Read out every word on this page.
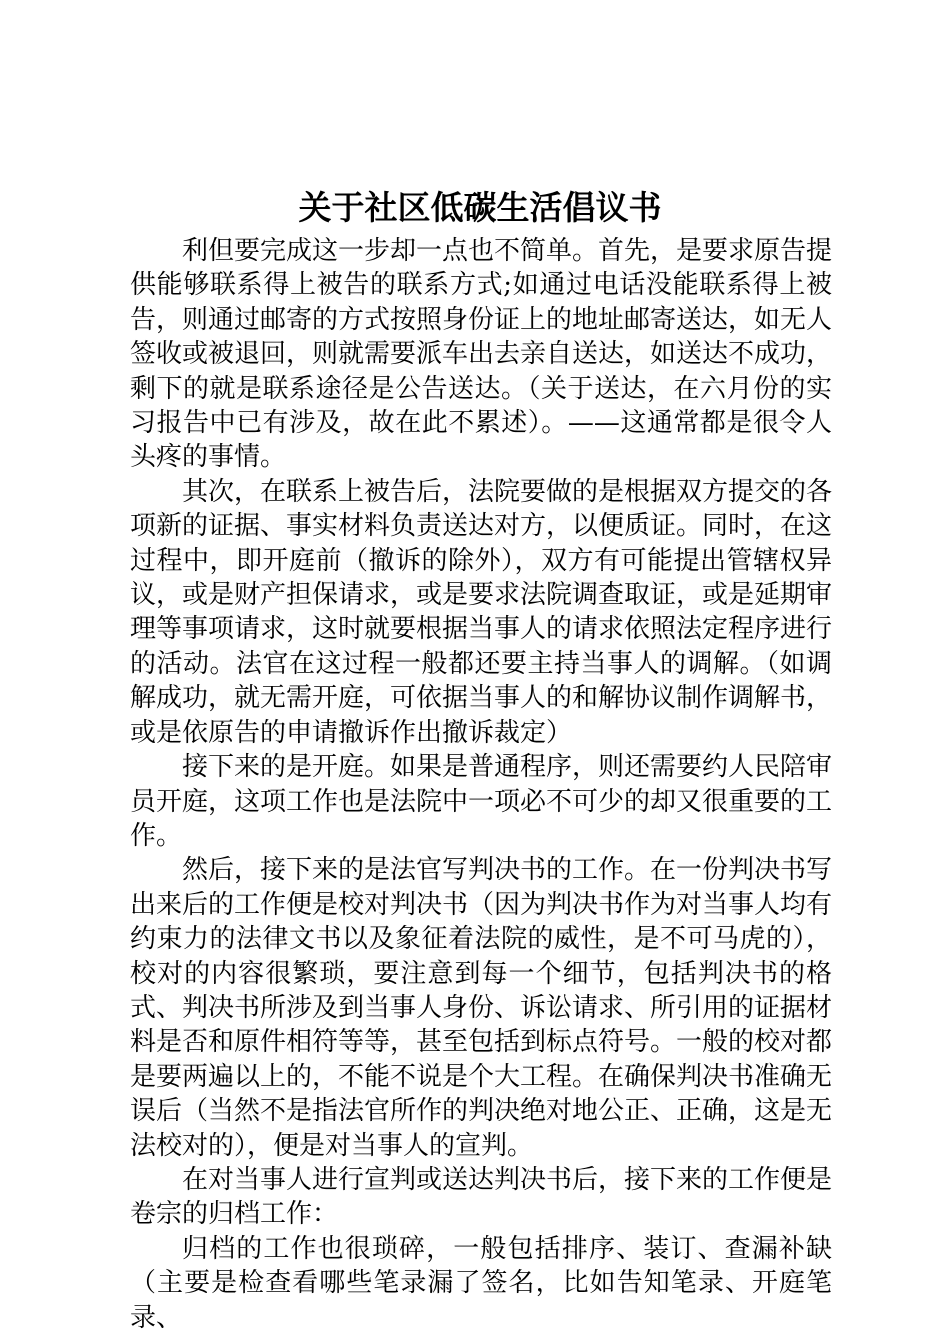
关于社区低碳生活倡议书

利但要完成这一步却一点也不简单。首先，是要求原告提供能够联系得上被告的联系方式;如通过电话没能联系得上被告，则通过邮寄的方式按照身份证上的地址邮寄送达，如无人签收或被退回，则就需要派车出去亲自送达，如送达不成功，剩下的就是联系途径是公告送达。（关于送达，在六月份的实习报告中已有涉及，故在此不累述）。——这通常都是很令人头疼的事情。

其次，在联系上被告后，法院要做的是根据双方提交的各项新的证据、事实材料负责送达对方，以便质证。同时，在这过程中，即开庭前（撤诉的除外），双方有可能提出管辖权异议，或是财产担保请求，或是要求法院调查取证，或是延期审理等事项请求，这时就要根据当事人的请求依照法定程序进行的活动。法官在这过程一般都还要主持当事人的调解。（如调解成功，就无需开庭，可依据当事人的和解协议制作调解书，或是依原告的申请撤诉作出撤诉裁定）

接下来的是开庭。如果是普通程序，则还需要约人民陪审员开庭，这项工作也是法院中一项必不可少的却又很重要的工作。

然后，接下来的是法官写判决书的工作。在一份判决书写出来后的工作便是校对判决书（因为判决书作为对当事人均有约束力的法律文书以及象征着法院的威性，是不可马虎的），校对的内容很繁琐，要注意到每一个细节，包括判决书的格式、判决书所涉及到当事人身份、诉讼请求、所引用的证据材料是否和原件相符等等，甚至包括到标点符号。一般的校对都是要两遍以上的，不能不说是个大工程。在确保判决书准确无误后（当然不是指法官所作的判决绝对地公正、正确，这是无法校对的），便是对当事人的宣判。

在对当事人进行宣判或送达判决书后，接下来的工作便是卷宗的归档工作：

归档的工作也很琐碎，一般包括排序、装订、查漏补缺（主要是检查看哪些笔录漏了签名，比如告知笔录、开庭笔录、
